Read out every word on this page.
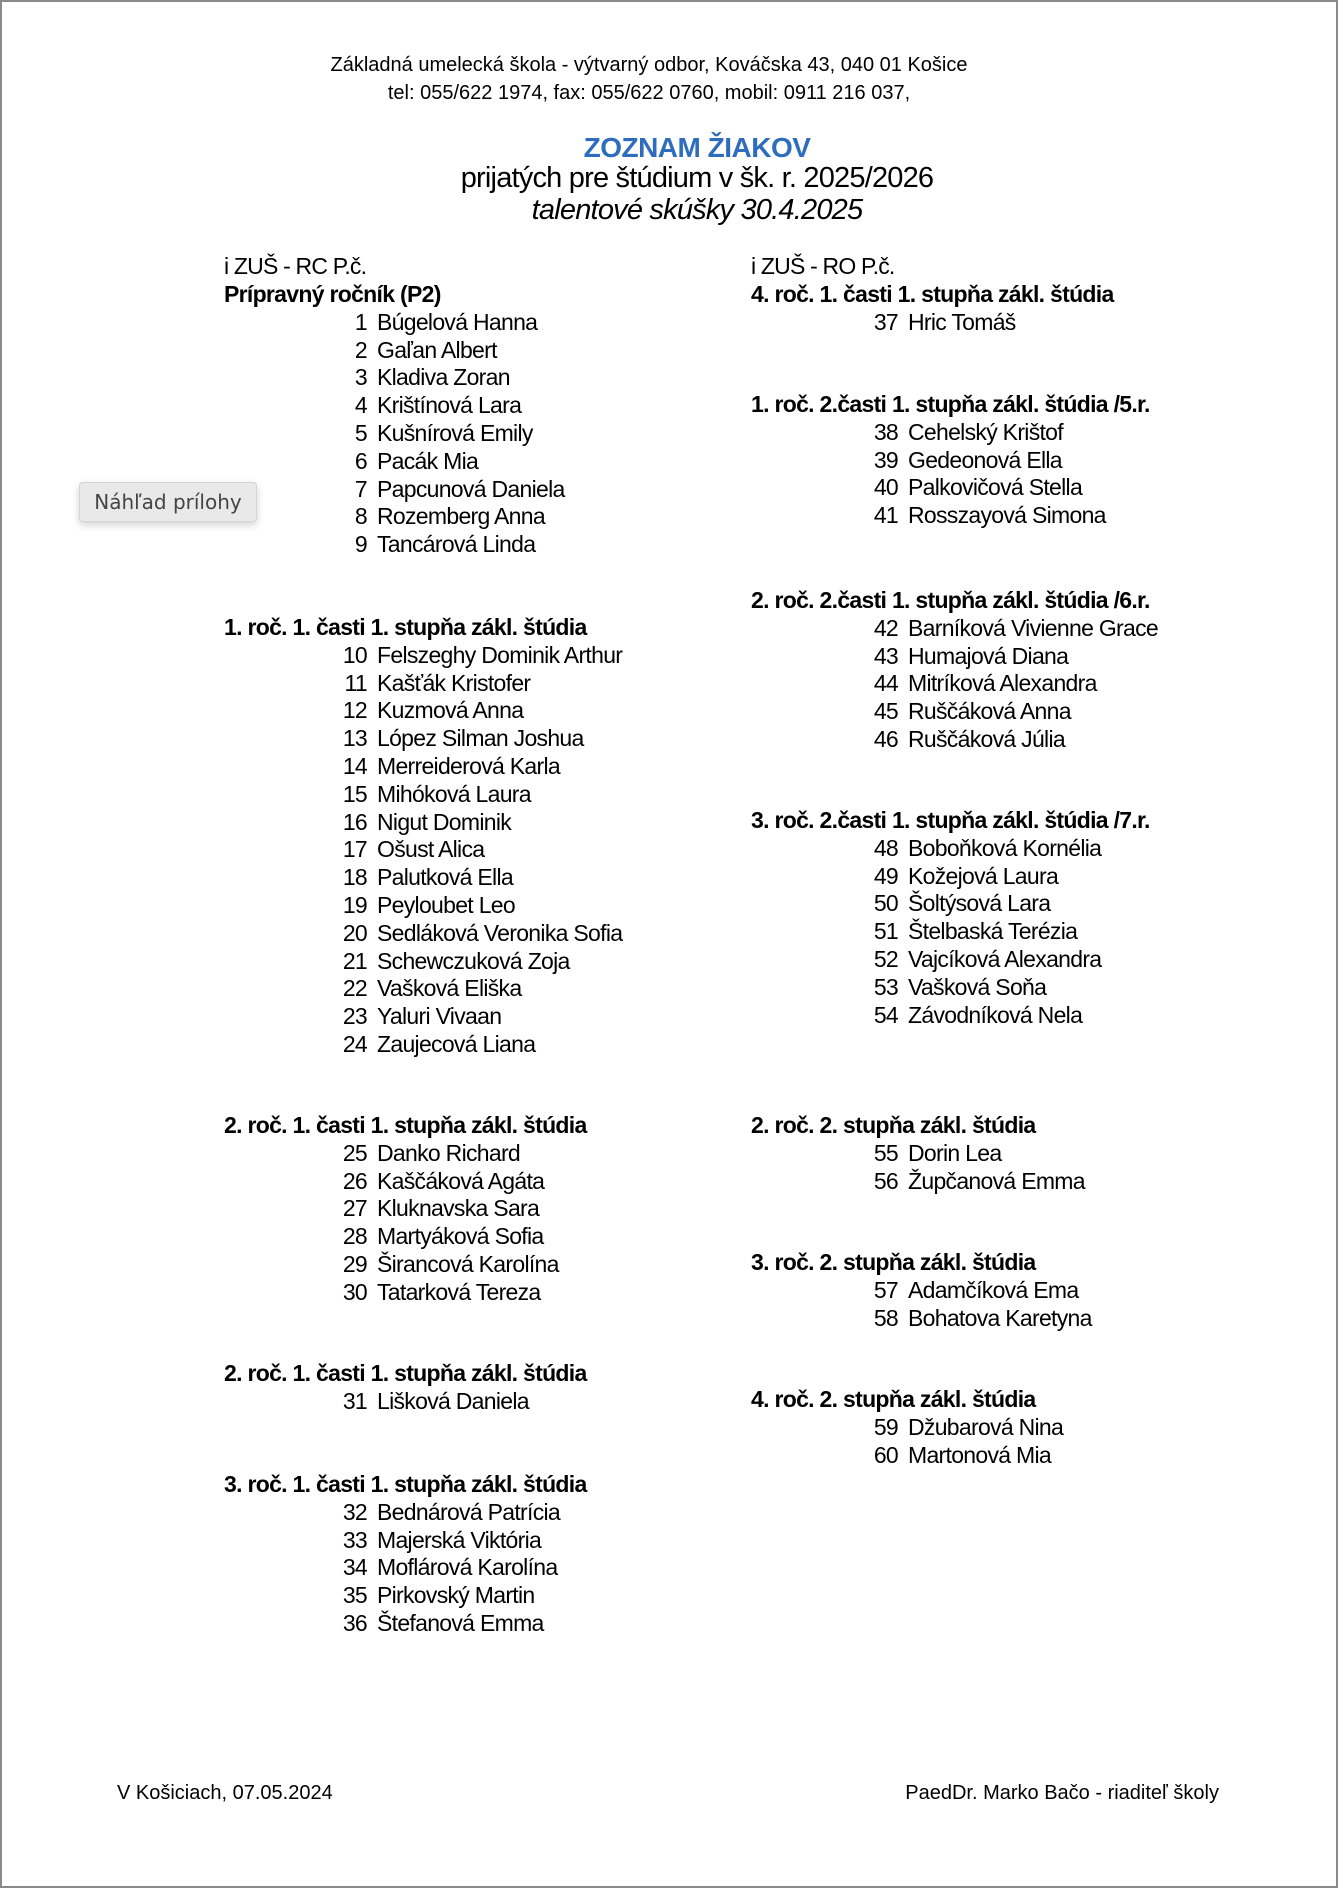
Základná umelecká škola - výtvarný odbor, Kováčska 43, 040 01 Košice
tel: 055/622 1974, fax: 055/622 0760, mobil: 0911 216 037,
ZOZNAM ŽIAKOV
prijatých pre štúdium v šk. r. 2025/2026
talentové skúšky 30.4.2025
i ZUŠ - RC P.č.	i ZUŠ - RO P.č.
Prípravný ročník (P2)
1 Búgelová Hanna
2 Gaľan Albert
3 Kladiva Zoran
4 Krištínová Lara
5 Kušnírová Emily
6 Pacák Mia
7 Papcunová Daniela
8 Rozemberg Anna
9 Tancárová Linda
1. roč. 1. časti 1. stupňa zákl. štúdia
10 Felszeghy Dominik Arthur
11 Kašťák Kristofer
12 Kuzmová Anna
13 López Silman Joshua
14 Merreiderová Karla
15 Mihóková Laura
16 Nigut Dominik
17 Ošust Alica
18 Palutková Ella
19 Peyloubet Leo
20 Sedláková Veronika Sofia
21 Schewczuková Zoja
22 Vašková Eliška
23 Yaluri Vivaan
24 Zaujecová Liana
2. roč. 1. časti 1. stupňa zákl. štúdia
25 Danko Richard
26 Kaščáková Agáta
27 Kluknavska Sara
28 Martyáková Sofia
29 Širancová Karolína
30 Tatarková Tereza
2. roč. 1. časti 1. stupňa zákl. štúdia
31 Lišková Daniela
3. roč. 1. časti 1. stupňa zákl. štúdia
32 Bednárová Patrícia
33 Majerská Viktória
34 Moflárová Karolína
35 Pirkovský Martin
36 Štefanová Emma
4. roč. 1. časti 1. stupňa zákl. štúdia
37 Hric Tomáš
1. roč. 2.časti 1. stupňa zákl. štúdia /5.r.
38 Cehelský Krištof
39 Gedeonová Ella
40 Palkovičová Stella
41 Rosszayová Simona
2. roč. 2.časti 1. stupňa zákl. štúdia /6.r.
42 Barníková Vivienne Grace
43 Humajová Diana
44 Mitríková Alexandra
45 Ruščáková Anna
46 Ruščáková Júlia
3. roč. 2.časti 1. stupňa zákl. štúdia /7.r.
48 Boboňková Kornélia
49 Kožejová Laura
50 Šoltýsová Lara
51 Štelbaská Terézia
52 Vajcíková Alexandra
53 Vašková Soňa
54 Závodníková Nela
2. roč. 2. stupňa zákl. štúdia
55 Dorin Lea
56 Župčanová Emma
3. roč. 2. stupňa zákl. štúdia
57 Adamčíková Ema
58 Bohatova Karetyna
4. roč. 2. stupňa zákl. štúdia
59 Džubarová Nina
60 Martonová Mia
Náhľad prílohy
V Košiciach, 07.05.2024	PaedDr. Marko Bačo - riaditeľ školy
